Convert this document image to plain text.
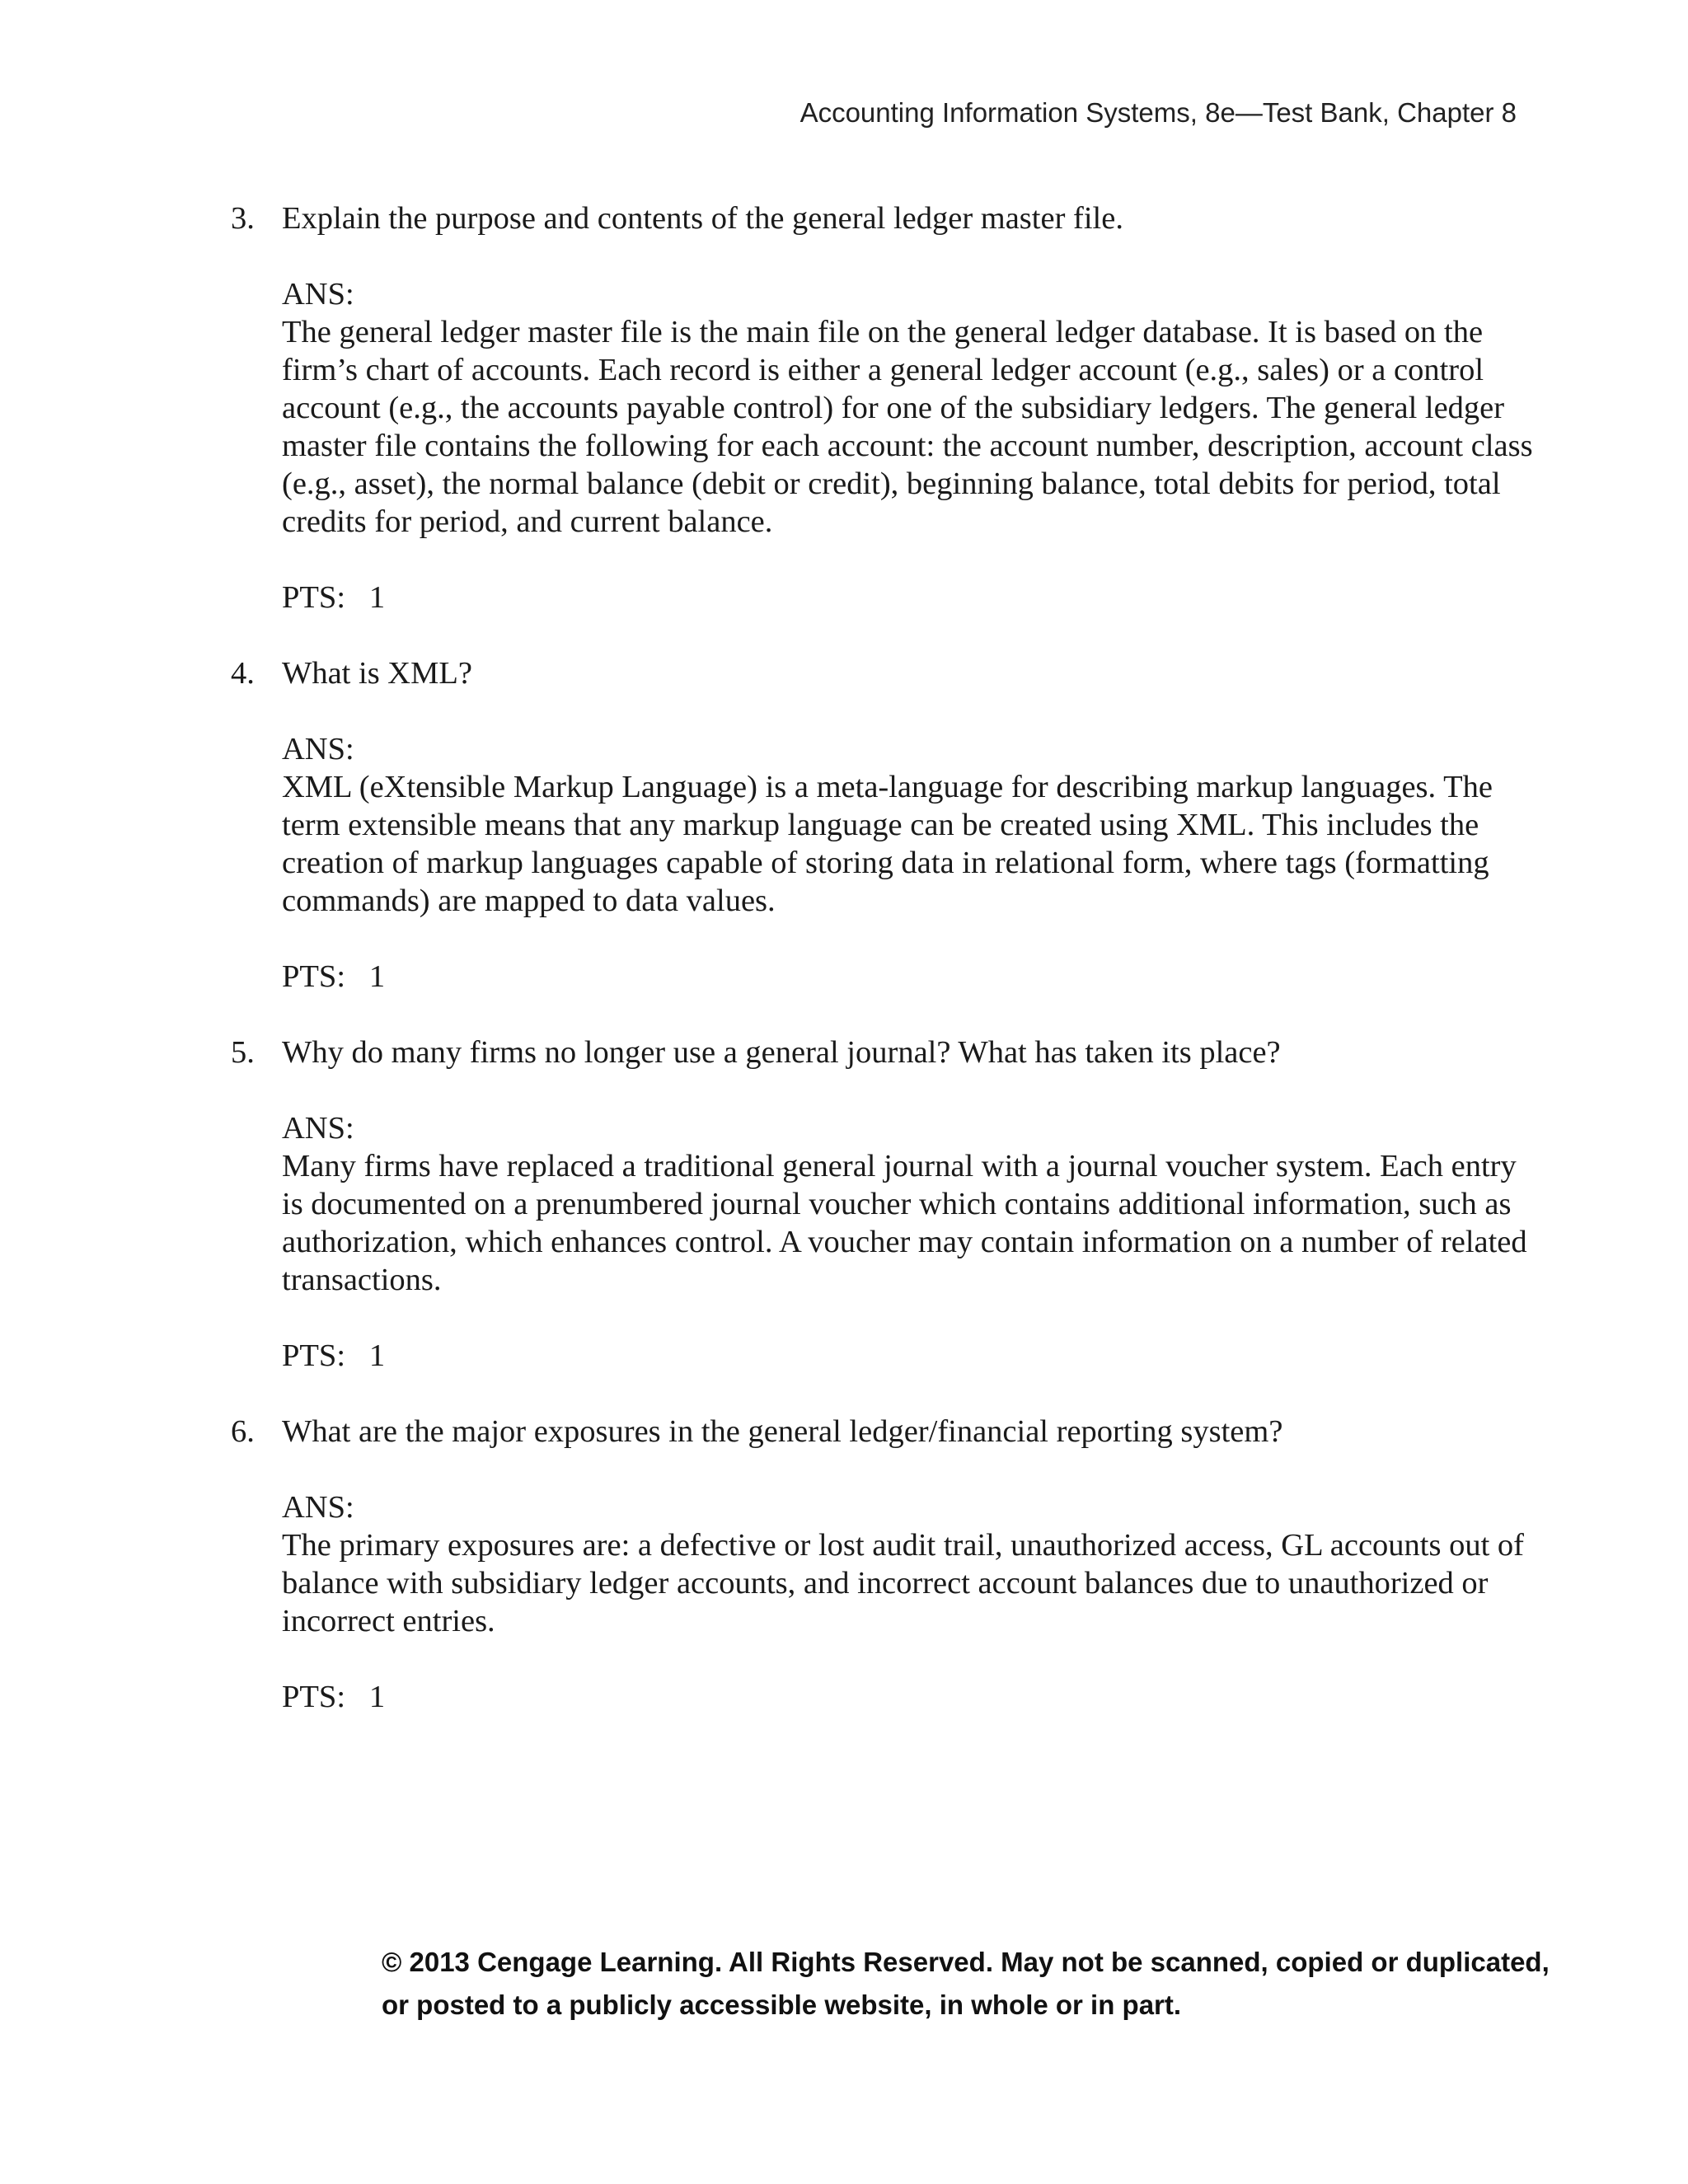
Accounting Information Systems, 8e—Test Bank, Chapter 8
3. Explain the purpose and contents of the general ledger master file.

ANS:

The general ledger master file is the main file on the general ledger database. It is based on the firm’s chart of accounts. Each record is either a general ledger account (e.g., sales) or a control account (e.g., the accounts payable control) for one of the subsidiary ledgers. The general ledger master file contains the following for each account: the account number, description, account class (e.g., asset), the normal balance (debit or credit), beginning balance, total debits for period, total credits for period, and current balance.

PTS:   1

4. What is XML?

ANS:

XML (eXtensible Markup Language) is a meta-language for describing markup languages. The term extensible means that any markup language can be created using XML. This includes the creation of markup languages capable of storing data in relational form, where tags (formatting commands) are mapped to data values.

PTS:   1

5. Why do many firms no longer use a general journal? What has taken its place?

ANS:

Many firms have replaced a traditional general journal with a journal voucher system. Each entry is documented on a prenumbered journal voucher which contains additional information, such as authorization, which enhances control. A voucher may contain information on a number of related transactions.

PTS:   1

6. What are the major exposures in the general ledger/financial reporting system?

ANS:

The primary exposures are: a defective or lost audit trail, unauthorized access, GL accounts out of balance with subsidiary ledger accounts, and incorrect account balances due to unauthorized or incorrect entries.

PTS:   1

© 2013 Cengage Learning. All Rights Reserved. May not be scanned, copied or duplicated,
or posted to a publicly accessible website, in whole or in part.
